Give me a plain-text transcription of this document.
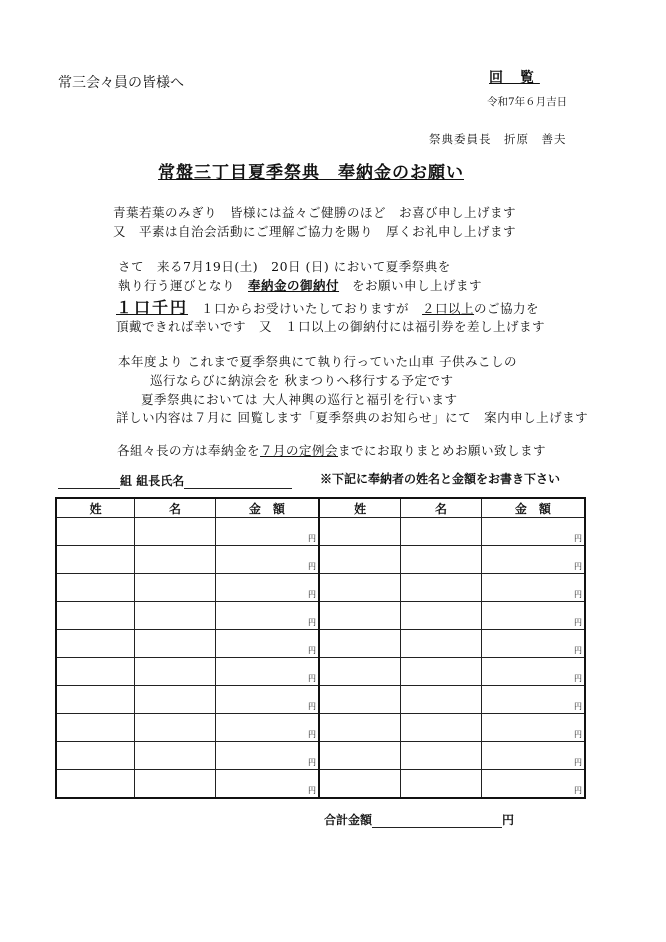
常三会々員の皆様へ	回 覧
令和7年６月吉日
祭典委員長　折原　善夫
常盤三丁目夏季祭典　奉納金のお願い
青葉若葉のみぎり　皆様には益々ご健勝のほど　お喜び申し上げます
又　平素は自治会活動にご理解ご協力を賜り　厚くお礼申し上げます
さて　来る7月19日(土)　20日 (日) において夏季祭典を
執り行う運びとなり　奉納金の御納付　をお願い申し上げます
１口千円　１口からお受けいたしておりますが　２口以上のご協力を
頂戴できれば幸いです　又　１口以上の御納付には福引券を差し上げます
本年度より これまで夏季祭典にて執り行っていた山車 子供みこしの
巡行ならびに納涼会を 秋まつりへ移行する予定です
夏季祭典においては 大人神輿の巡行と福引を行います
詳しい内容は７月に 回覧します「夏季祭典のお知らせ」にて　案内申し上げます
各組々長の方は奉納金を７月の定例会までにお取りまとめお願い致します
組 組長氏名	※下記に奉納者の姓名と金額をお書き下さい
姓	名	金　額	姓	名	金　額
		円			円
		円			円
		円			円
		円			円
		円			円
		円			円
		円			円
		円			円
		円			円
		円			円
合計金額	円
